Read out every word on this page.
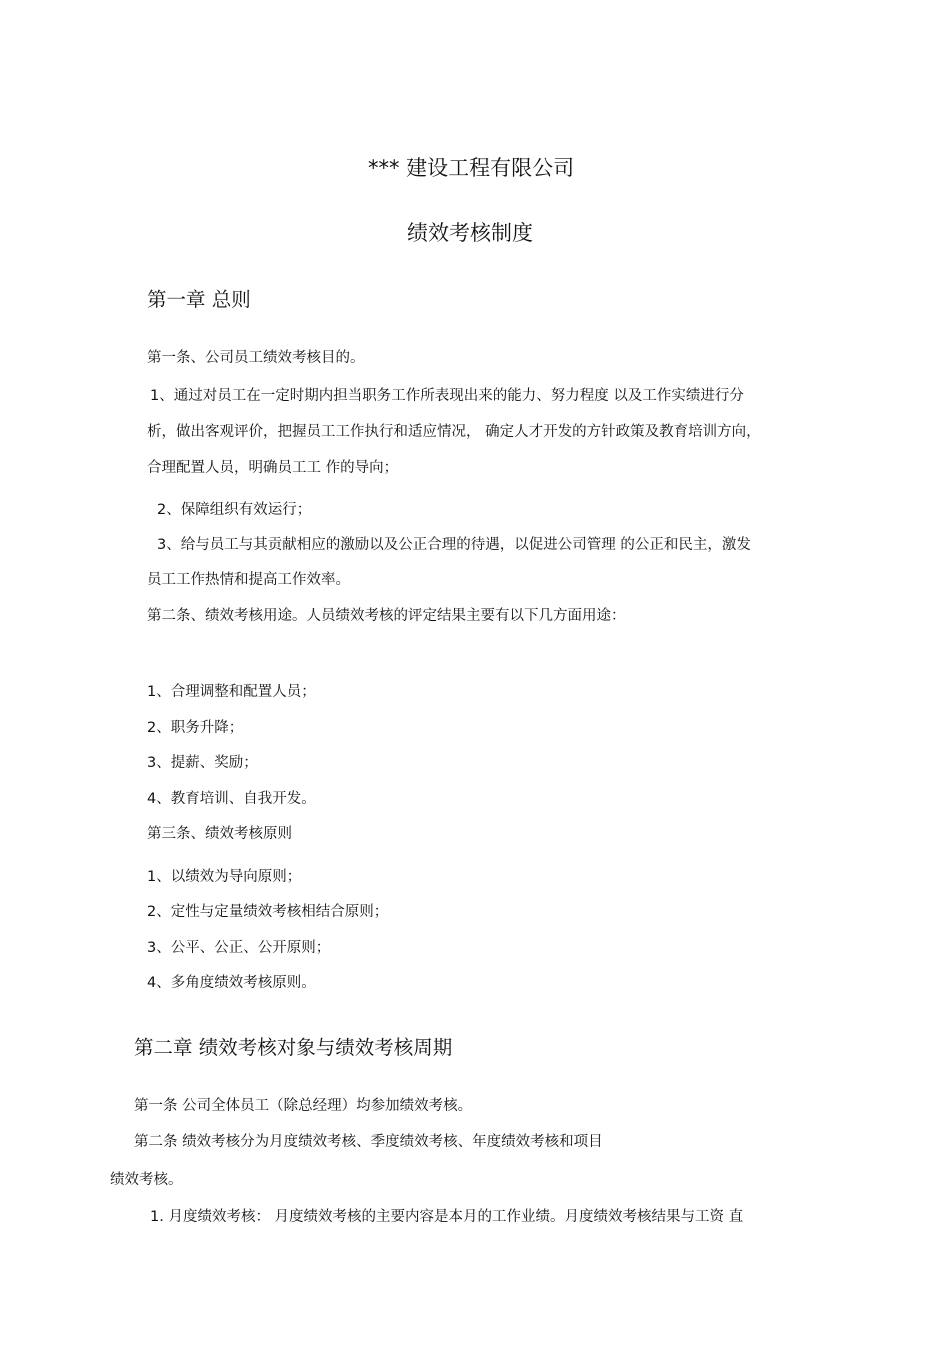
*** 建设工程有限公司
绩效考核制度
第一章 总则
第一条、公司员工绩效考核目的。
1、通过对员工在一定时期内担当职务工作所表现出来的能力、努力程度 以及工作实绩进行分
析，做出客观评价，把握员工工作执行和适应情况， 确定人才开发的方针政策及教育培训方向，
合理配置人员，明确员工工 作的导向；
2、保障组织有效运行；
3、给与员工与其贡献相应的激励以及公正合理的待遇，以促进公司管理 的公正和民主，激发
员工工作热情和提高工作效率。
第二条、绩效考核用途。人员绩效考核的评定结果主要有以下几方面用途：
1、合理调整和配置人员；
2、职务升降；
3、提薪、奖励；
4、教育培训、自我开发。
第三条、绩效考核原则
1、以绩效为导向原则；
2、定性与定量绩效考核相结合原则；
3、公平、公正、公开原则；
4、多角度绩效考核原则。
第二章 绩效考核对象与绩效考核周期
第一条 公司全体员工（除总经理）均参加绩效考核。
第二条 绩效考核分为月度绩效考核、季度绩效考核、年度绩效考核和项目
绩效考核。
1. 月度绩效考核： 月度绩效考核的主要内容是本月的工作业绩。月度绩效考核结果与工资 直
